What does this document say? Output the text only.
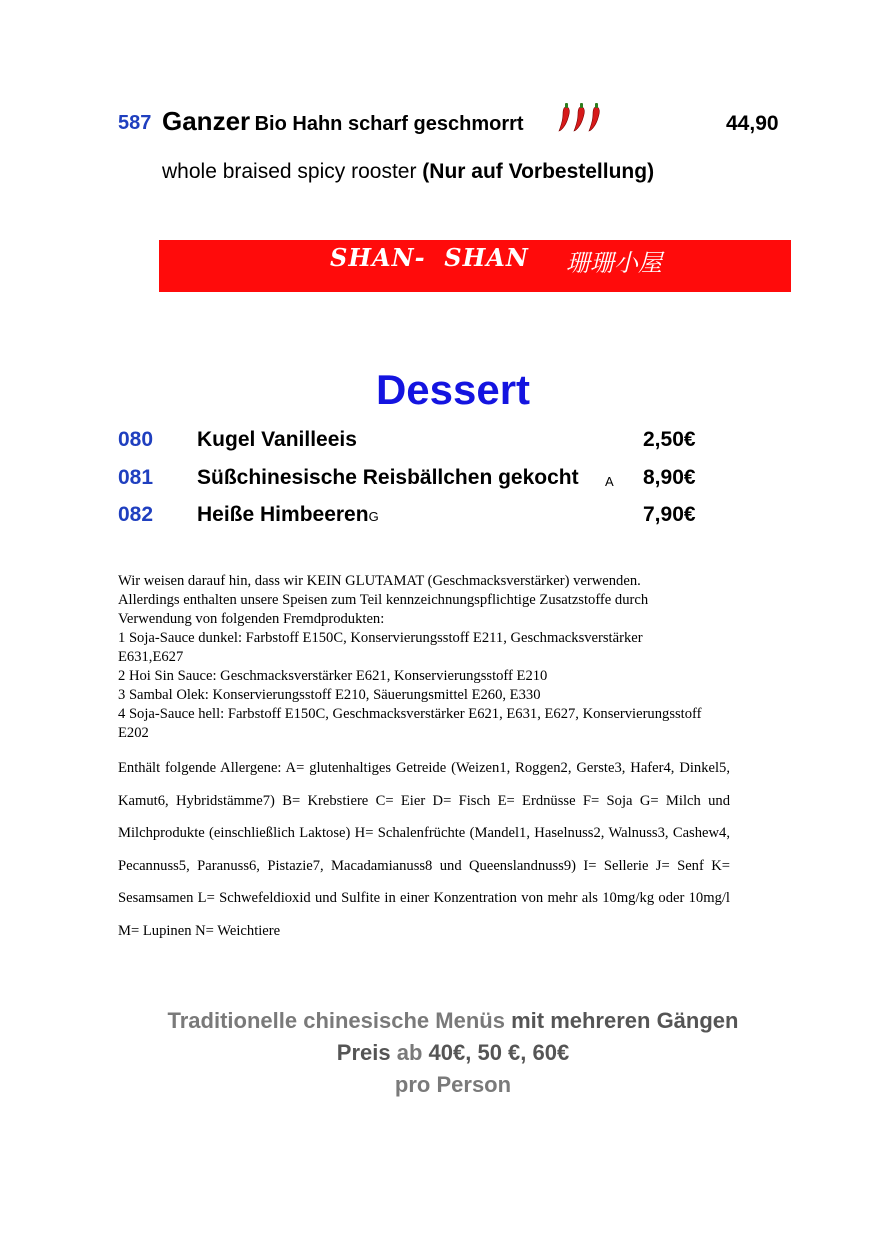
587 Ganzer Bio Hahn scharf geschmorrt	44,90
whole braised spicy rooster (Nur auf Vorbestellung)
SHAN-  SHAN 珊珊小屋
Dessert
080 Kugel Vanilleeis	2,50€
081 Süßchinesische Reisbällchen gekocht A 8,90€
082 Heiße HimbeerenG	7,90€
Wir weisen darauf hin, dass wir KEIN GLUTAMAT (Geschmacksverstärker) verwenden.
Allerdings enthalten unsere Speisen zum Teil kennzeichnungspflichtige Zusatzstoffe durch
Verwendung von folgenden Fremdprodukten:
1 Soja-Sauce dunkel: Farbstoff E150C, Konservierungsstoff E211, Geschmacksverstärker
E631,E627
2 Hoi Sin Sauce: Geschmacksverstärker E621, Konservierungsstoff E210
3 Sambal Olek: Konservierungsstoff E210, Säuerungsmittel E260, E330
4 Soja-Sauce hell: Farbstoff E150C, Geschmacksverstärker E621, E631, E627, Konservierungsstoff
E202
Enthält folgende Allergene: A= glutenhaltiges Getreide (Weizen1, Roggen2, Gerste3, Hafer4, Dinkel5, Kamut6, Hybridstämme7) B= Krebstiere C= Eier D= Fisch E= Erdnüsse F= Soja G= Milch und Milchprodukte (einschließlich Laktose) H= Schalenfrüchte (Mandel1, Haselnuss2, Walnuss3, Cashew4, Pecannuss5, Paranuss6, Pistazie7, Macadamianuss8 und Queenslandnuss9) I= Sellerie J= Senf K= Sesamsamen L= Schwefeldioxid und Sulfite in einer Konzentration von mehr als 10mg/kg oder 10mg/l M= Lupinen N= Weichtiere
Traditionelle chinesische Menüs mit mehreren Gängen
Preis ab 40€, 50 €, 60€
pro Person
